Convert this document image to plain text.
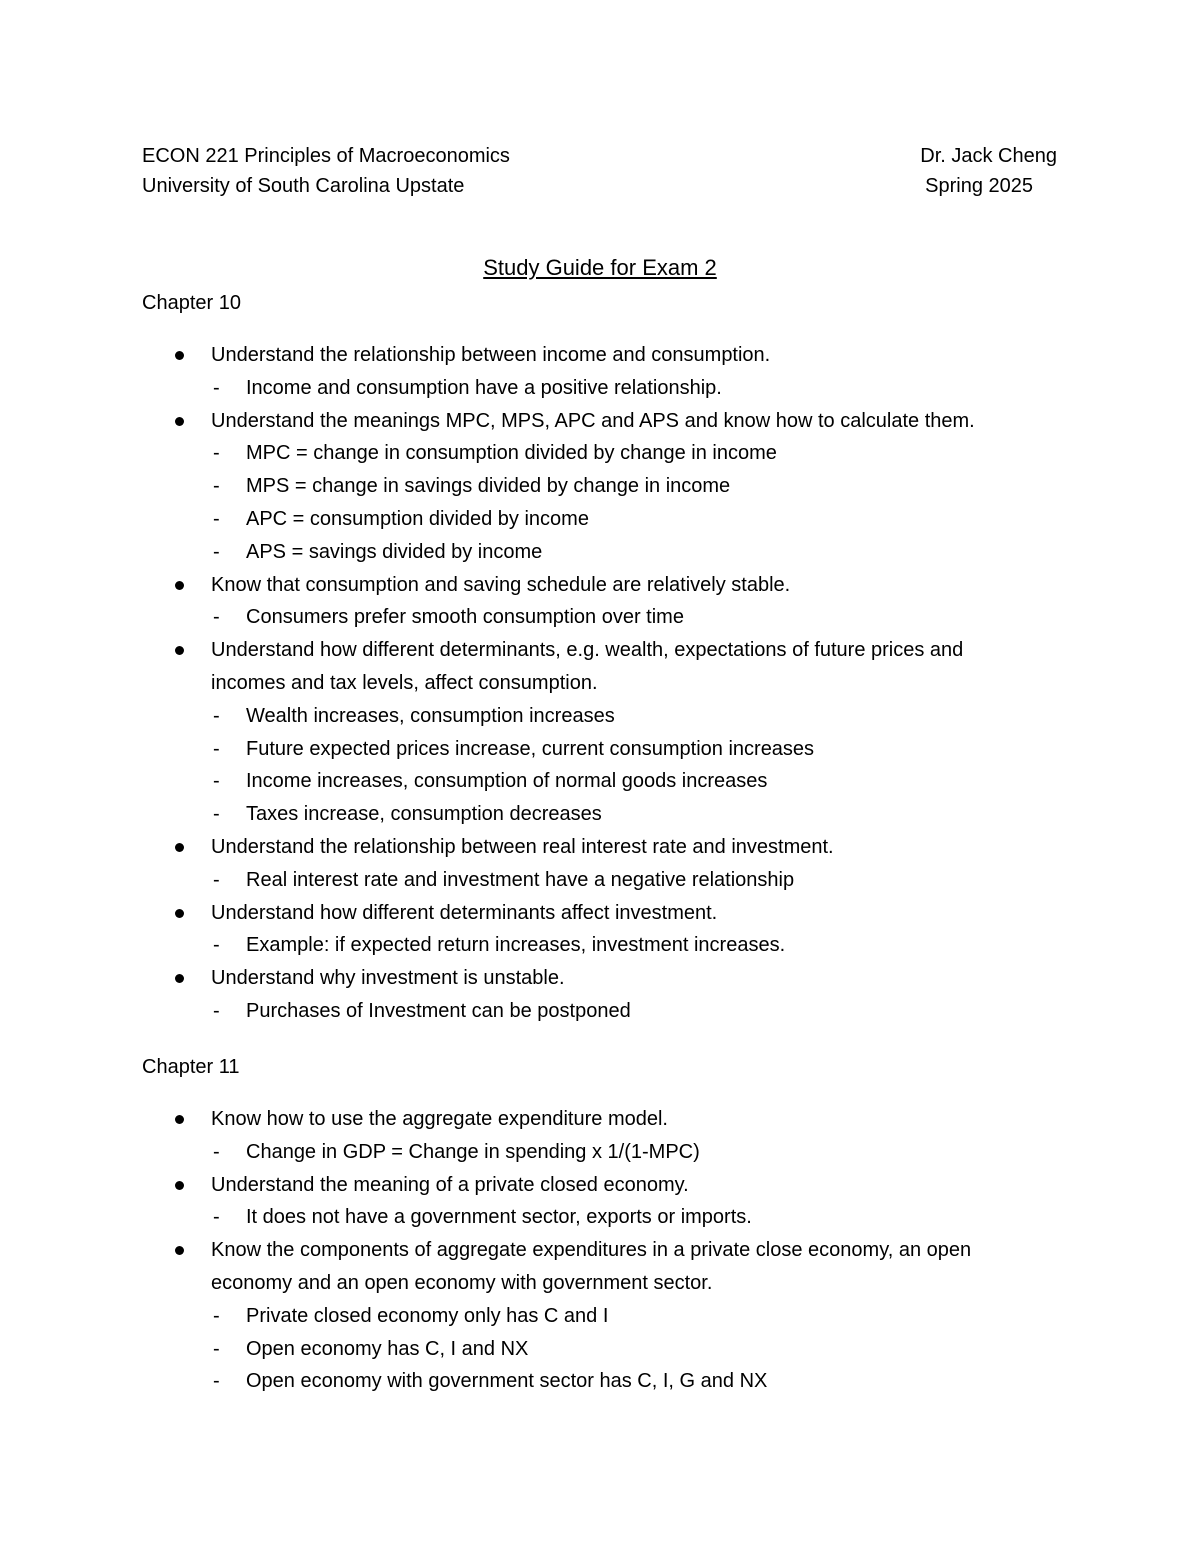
ECON 221 Principles of Macroeconomics
University of South Carolina Upstate
Dr. Jack Cheng
Spring 2025
Study Guide for Exam 2
Chapter 10
Understand the relationship between income and consumption.
- Income and consumption have a positive relationship.
Understand the meanings MPC, MPS, APC and APS and know how to calculate them.
- MPC = change in consumption divided by change in income
- MPS = change in savings divided by change in income
- APC = consumption divided by income
- APS = savings divided by income
Know that consumption and saving schedule are relatively stable.
- Consumers prefer smooth consumption over time
Understand how different determinants, e.g. wealth, expectations of future prices and incomes and tax levels, affect consumption.
- Wealth increases, consumption increases
- Future expected prices increase, current consumption increases
- Income increases, consumption of normal goods increases
- Taxes increase, consumption decreases
Understand the relationship between real interest rate and investment.
- Real interest rate and investment have a negative relationship
Understand how different determinants affect investment.
- Example: if expected return increases, investment increases.
Understand why investment is unstable.
- Purchases of Investment can be postponed
Chapter 11
Know how to use the aggregate expenditure model.
- Change in GDP = Change in spending x 1/(1-MPC)
Understand the meaning of a private closed economy.
- It does not have a government sector, exports or imports.
Know the components of aggregate expenditures in a private close economy, an open economy and an open economy with government sector.
- Private closed economy only has C and I
- Open economy has C, I and NX
- Open economy with government sector has C, I, G and NX
